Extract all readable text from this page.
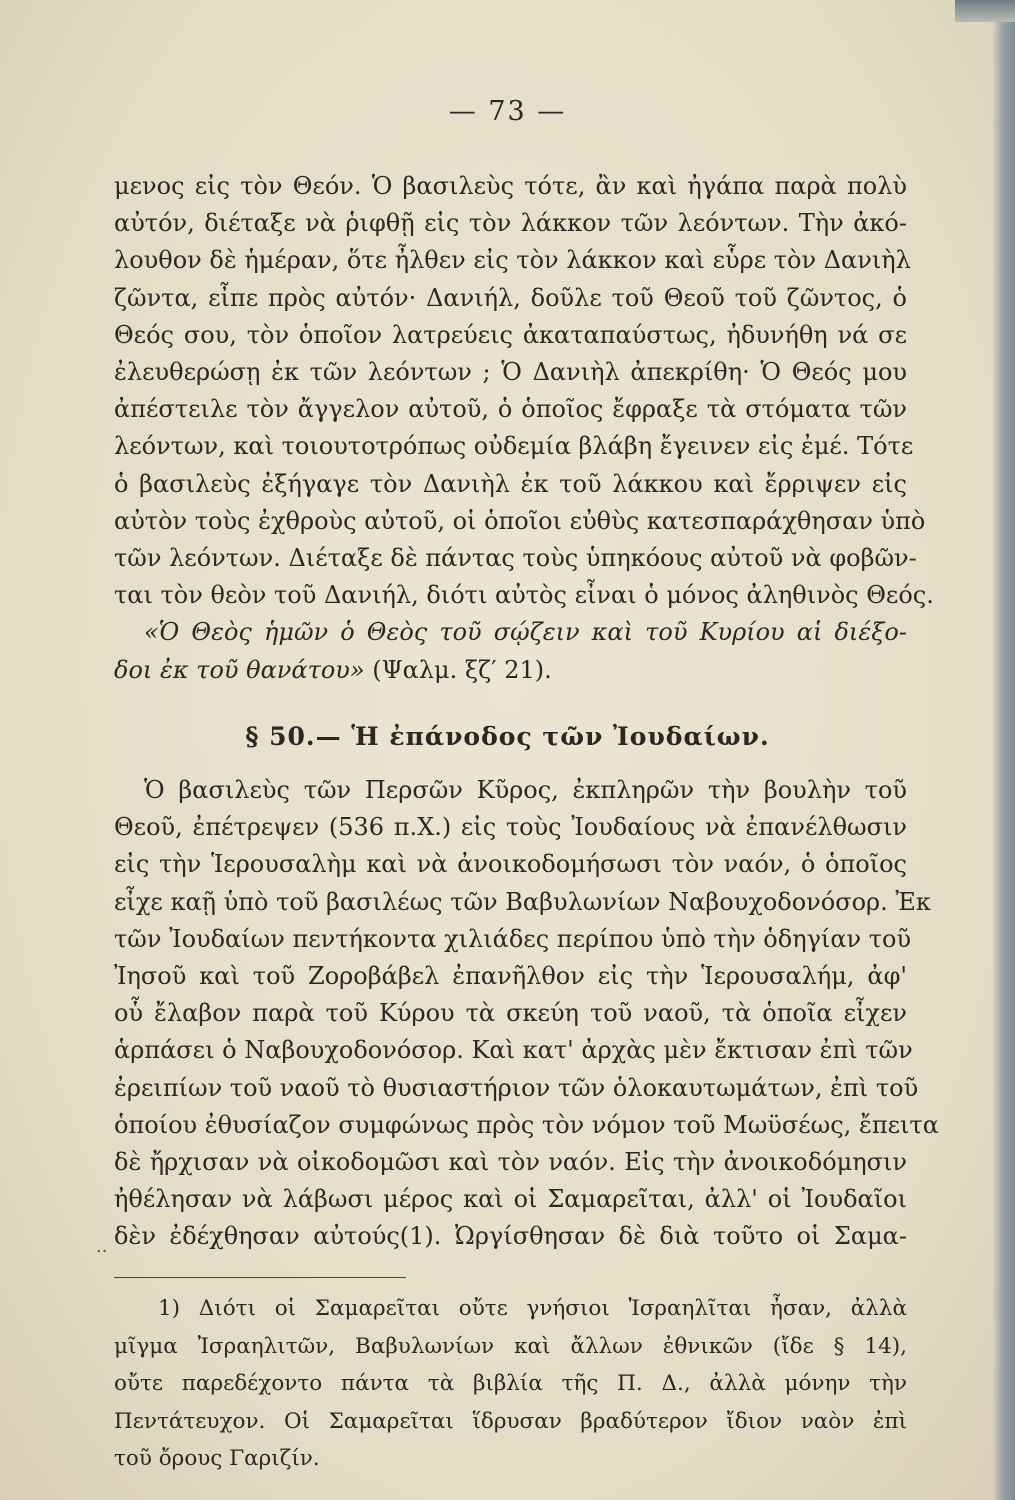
— 73 —
μενος εἰς τὸν Θεόν. Ὁ βασιλεὺς τότε, ἂν καὶ ἠγάπα παρὰ πολὺ
αὐτόν, διέταξε νὰ ῥιφθῇ εἰς τὸν λάκκον τῶν λεόντων. Τὴν ἀκό-
λουθον δὲ ἡμέραν, ὅτε ἦλθεν εἰς τὸν λάκκον καὶ εὗρε τὸν Δανιὴλ
ζῶντα, εἶπε πρὸς αὐτόν· Δανιήλ, δοῦλε τοῦ Θεοῦ τοῦ ζῶντος, ὁ
Θεός σου, τὸν ὁποῖον λατρεύεις ἀκαταπαύστως, ἠδυνήθη νά σε
ἐλευθερώσῃ ἐκ τῶν λεόντων ; Ὁ Δανιὴλ ἀπεκρίθη· Ὁ Θεός μου
ἀπέστειλε τὸν ἄγγελον αὐτοῦ, ὁ ὁποῖος ἔφραξε τὰ στόματα τῶν
λεόντων, καὶ τοιουτοτρόπως οὐδεμία βλάβη ἔγεινεν εἰς ἐμέ. Τότε
ὁ βασιλεὺς ἐξήγαγε τὸν Δανιὴλ ἐκ τοῦ λάκκου καὶ ἔρριψεν εἰς
αὐτὸν τοὺς ἐχθροὺς αὐτοῦ, οἱ ὁποῖοι εὐθὺς κατεσπαράχθησαν ὑπὸ
τῶν λεόντων. Διέταξε δὲ πάντας τοὺς ὑπηκόους αὐτοῦ νὰ φοβῶν-
ται τὸν θεὸν τοῦ Δανιήλ, διότι αὐτὸς εἶναι ὁ μόνος ἀληθινὸς Θεός.
«Ὁ Θεὸς ἡμῶν ὁ Θεὸς τοῦ σῴζειν καὶ τοῦ Κυρίου αἱ διέξο-
δοι ἐκ τοῦ θανάτου» (Ψαλμ. ξζ′ 21).
§ 50.— Ἡ ἐπάνοδος τῶν Ἰουδαίων.
Ὁ βασιλεὺς τῶν Περσῶν Κῦρος, ἐκπληρῶν τὴν βουλὴν τοῦ
Θεοῦ, ἐπέτρεψεν (536 π.Χ.) εἰς τοὺς Ἰουδαίους νὰ ἐπανέλθωσιν
εἰς τὴν Ἱερουσαλὴμ καὶ νὰ ἀνοικοδομήσωσι τὸν ναόν, ὁ ὁποῖος
εἶχε καῇ ὑπὸ τοῦ βασιλέως τῶν Βαβυλωνίων Ναβουχοδονόσορ. Ἐκ
τῶν Ἰουδαίων πεντήκοντα χιλιάδες περίπου ὑπὸ τὴν ὁδηγίαν τοῦ
Ἰησοῦ καὶ τοῦ Ζοροβάβελ ἐπανῆλθον εἰς τὴν Ἱερουσαλήμ, ἀφ'
οὗ ἔλαβον παρὰ τοῦ Κύρου τὰ σκεύη τοῦ ναοῦ, τὰ ὁποῖα εἶχεν
ἁρπάσει ὁ Ναβουχοδονόσορ. Καὶ κατ' ἀρχὰς μὲν ἔκτισαν ἐπὶ τῶν
ἐρειπίων τοῦ ναοῦ τὸ θυσιαστήριον τῶν ὁλοκαυτωμάτων, ἐπὶ τοῦ
ὁποίου ἐθυσίαζον συμφώνως πρὸς τὸν νόμον τοῦ Μωϋσέως, ἔπειτα
δὲ ἤρχισαν νὰ οἰκοδομῶσι καὶ τὸν ναόν. Εἰς τὴν ἀνοικοδόμησιν
ἠθέλησαν νὰ λάβωσι μέρος καὶ οἱ Σαμαρεῖται, ἀλλ' οἱ Ἰουδαῖοι
δὲν ἐδέχθησαν αὐτούς(1). Ὠργίσθησαν δὲ διὰ τοῦτο οἱ Σαμα-
..
1) Διότι οἱ Σαμαρεῖται οὔτε γνήσιοι Ἰσραηλῖται ἦσαν, ἀλλὰ
μῖγμα Ἰσραηλιτῶν, Βαβυλωνίων καὶ ἄλλων ἐθνικῶν (ἴδε § 14),
οὔτε παρεδέχοντο πάντα τὰ βιβλία τῆς Π. Δ., ἀλλὰ μόνην τὴν
Πεντάτευχον. Οἱ Σαμαρεῖται ἵδρυσαν βραδύτερον ἴδιον ναὸν ἐπὶ
τοῦ ὄρους Γαριζίν.
